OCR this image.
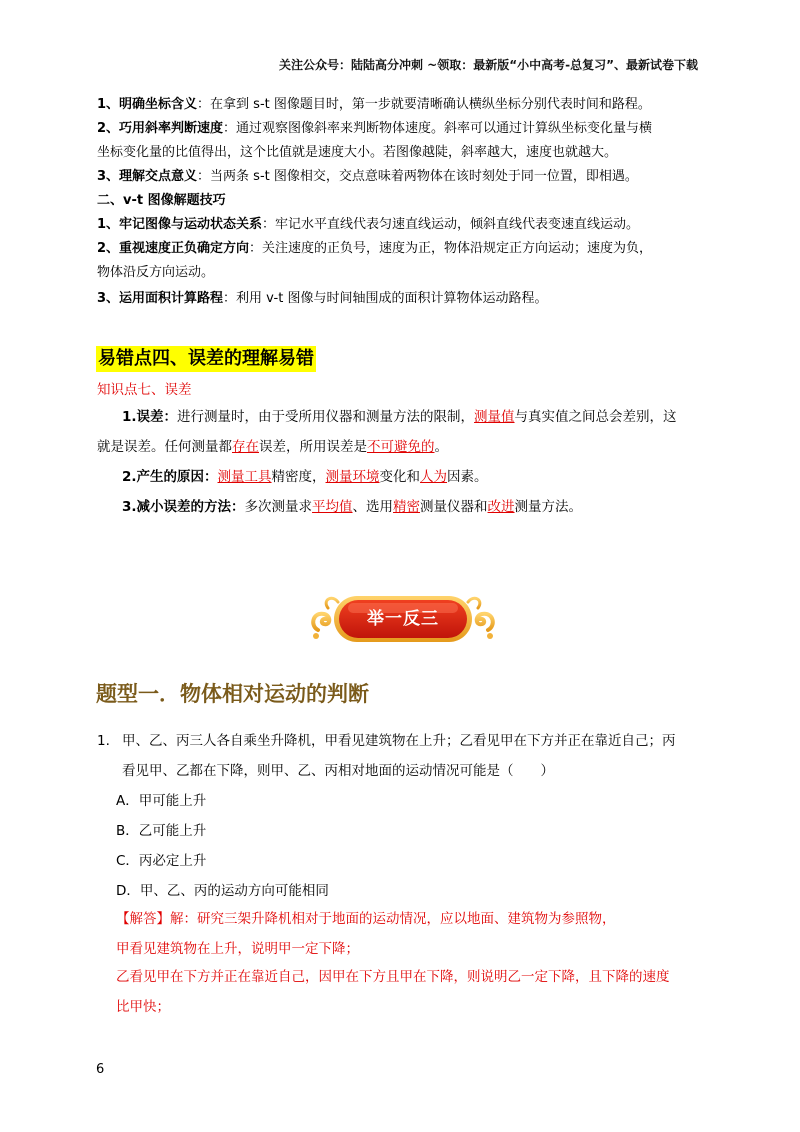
关注公众号：陆陆高分冲刺 ~领取：最新版“小中高考-总复习”、最新试卷下载
1、明确坐标含义：在拿到 s-t 图像题目时，第一步就要清晰确认横纵坐标分别代表时间和路程。
2、巧用斜率判断速度：通过观察图像斜率来判断物体速度。斜率可以通过计算纵坐标变化量与横
坐标变化量的比值得出，这个比值就是速度大小。若图像越陡，斜率越大，速度也就越大。
3、理解交点意义：当两条 s-t 图像相交，交点意味着两物体在该时刻处于同一位置，即相遇。
二、v-t 图像解题技巧
1、牢记图像与运动状态关系：牢记水平直线代表匀速直线运动，倾斜直线代表变速直线运动。
2、重视速度正负确定方向：关注速度的正负号，速度为正，物体沿规定正方向运动；速度为负，
物体沿反方向运动。
3、运用面积计算路程：利用 v-t 图像与时间轴围成的面积计算物体运动路程。
易错点四、误差的理解易错
知识点七、误差
1.误差：进行测量时，由于受所用仪器和测量方法的限制，测量值与真实值之间总会差别，这
就是误差。任何测量都存在误差，所用误差是不可避免的。
2.产生的原因：测量工具精密度，测量环境变化和人为因素。
3.减小误差的方法：多次测量求平均值、选用精密测量仪器和改进测量方法。
举一反三
题型一．物体相对运动的判断
1. 甲、乙、丙三人各自乘坐升降机，甲看见建筑物在上升；乙看见甲在下方并正在靠近自己；丙
看见甲、乙都在下降，则甲、乙、丙相对地面的运动情况可能是（　　）
A．甲可能上升
B．乙可能上升
C．丙必定上升
D．甲、乙、丙的运动方向可能相同
【解答】解：研究三架升降机相对于地面的运动情况，应以地面、建筑物为参照物，
甲看见建筑物在上升，说明甲一定下降；
乙看见甲在下方并正在靠近自己，因甲在下方且甲在下降，则说明乙一定下降，且下降的速度
比甲快；
6
